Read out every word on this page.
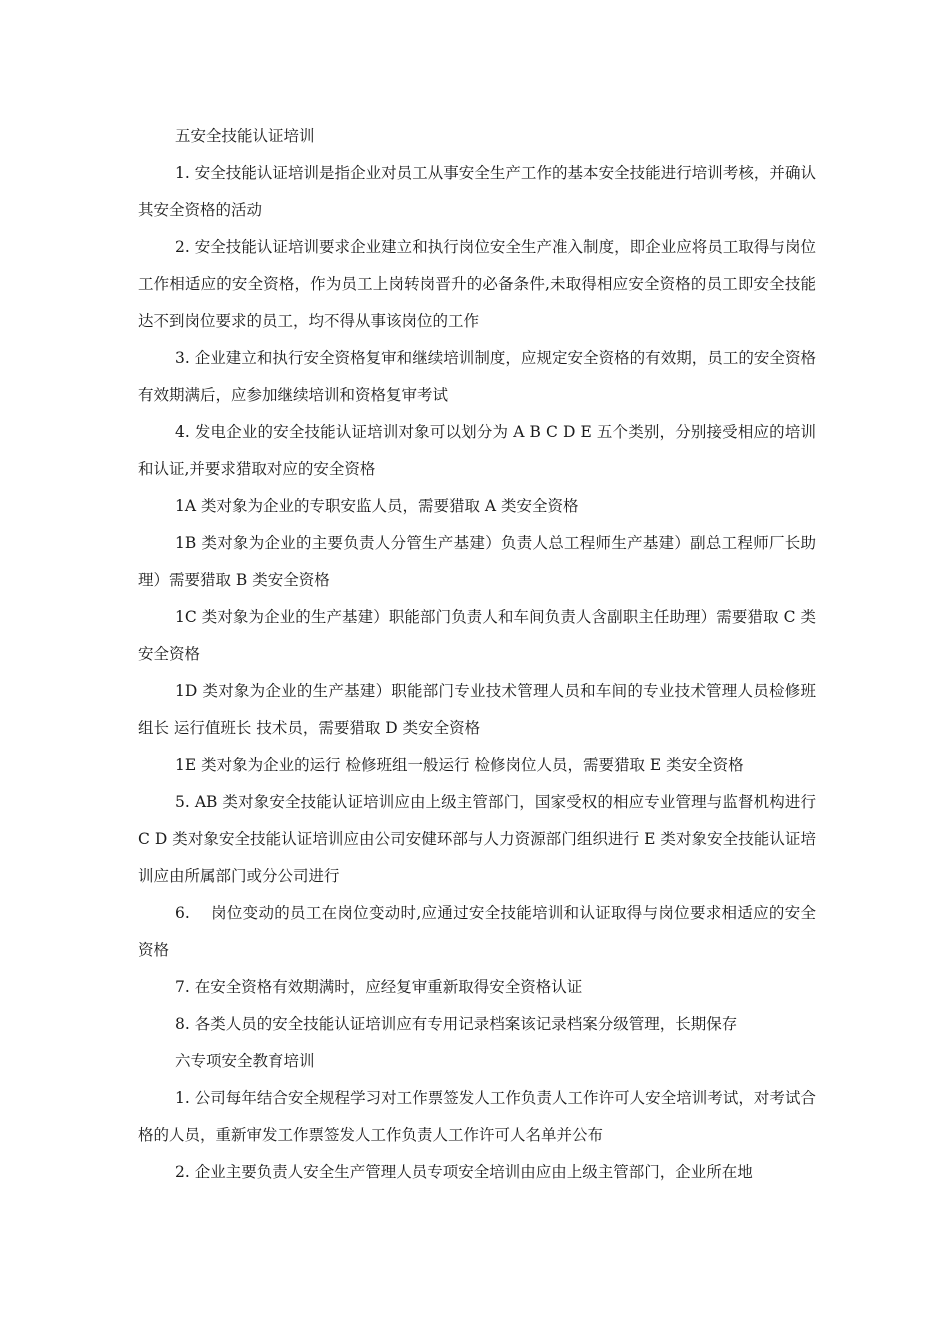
五安全技能认证培训

1. 安全技能认证培训是指企业对员工从事安全生产工作的基本安全技能进行培训考核，并确认其安全资格的活动

2. 安全技能认证培训要求企业建立和执行岗位安全生产准入制度，即企业应将员工取得与岗位工作相适应的安全资格，作为员工上岗转岗晋升的必备条件,未取得相应安全资格的员工即安全技能达不到岗位要求的员工，均不得从事该岗位的工作

3. 企业建立和执行安全资格复审和继续培训制度，应规定安全资格的有效期，员工的安全资格有效期满后，应参加继续培训和资格复审考试

4. 发电企业的安全技能认证培训对象可以划分为 A B C D E 五个类别，分别接受相应的培训和认证,并要求猎取对应的安全资格

1A 类对象为企业的专职安监人员，需要猎取 A 类安全资格

1B 类对象为企业的主要负责人分管生产基建）负责人总工程师生产基建）副总工程师厂长助理）需要猎取 B 类安全资格

1C 类对象为企业的生产基建）职能部门负责人和车间负责人含副职主任助理）需要猎取 C 类安全资格

1D 类对象为企业的生产基建）职能部门专业技术管理人员和车间的专业技术管理人员检修班组长 运行值班长 技术员，需要猎取 D 类安全资格

1E 类对象为企业的运行 检修班组一般运行 检修岗位人员，需要猎取 E 类安全资格

5. AB 类对象安全技能认证培训应由上级主管部门，国家受权的相应专业管理与监督机构进行 C D 类对象安全技能认证培训应由公司安健环部与人力资源部门组织进行 E 类对象安全技能认证培训应由所属部门或分公司进行

6.　 岗位变动的员工在岗位变动时,应通过安全技能培训和认证取得与岗位要求相适应的安全资格

7. 在安全资格有效期满时，应经复审重新取得安全资格认证

8. 各类人员的安全技能认证培训应有专用记录档案该记录档案分级管理，长期保存

六专项安全教育培训

1. 公司每年结合安全规程学习对工作票签发人工作负责人工作许可人安全培训考试，对考试合格的人员，重新审发工作票签发人工作负责人工作许可人名单并公布

2. 企业主要负责人安全生产管理人员专项安全培训由应由上级主管部门，企业所在地
